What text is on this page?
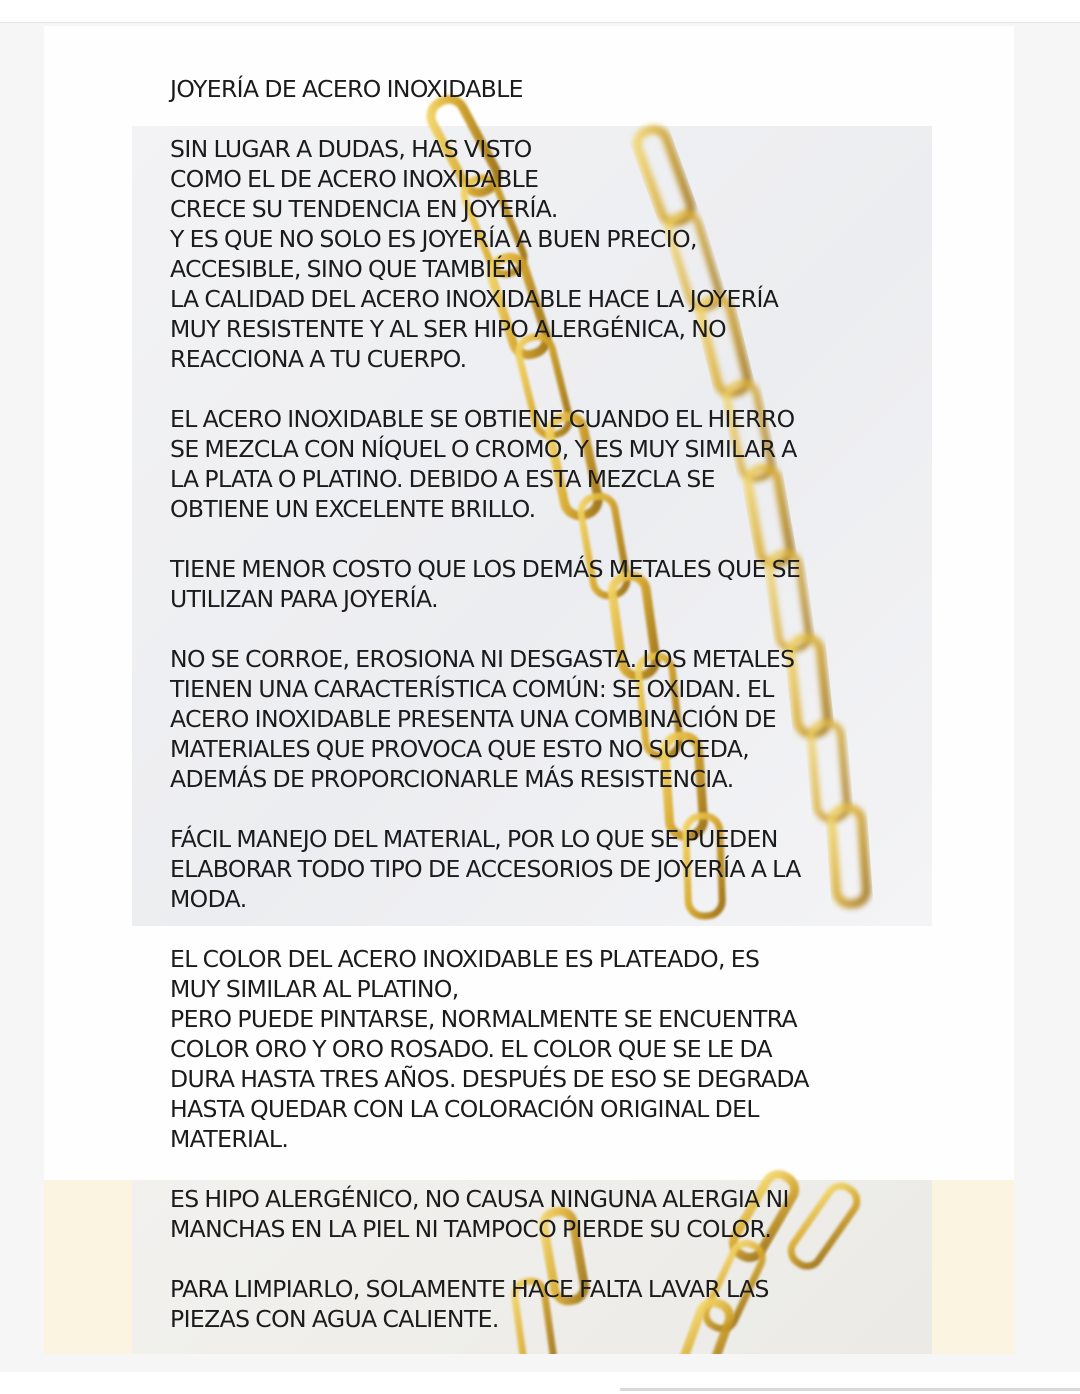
JOYERÍA DE ACERO INOXIDABLE

SIN LUGAR A DUDAS, HAS VISTO
COMO EL DE ACERO INOXIDABLE
CRECE SU TENDENCIA EN JOYERÍA.
Y ES QUE NO SOLO ES JOYERÍA A BUEN PRECIO,
ACCESIBLE, SINO QUE TAMBIÉN
LA CALIDAD DEL ACERO INOXIDABLE HACE LA JOYERÍA
MUY RESISTENTE Y AL SER HIPO ALERGÉNICA, NO
REACCIONA A TU CUERPO.

EL ACERO INOXIDABLE SE OBTIENE CUANDO EL HIERRO
SE MEZCLA CON NÍQUEL O CROMO, Y ES MUY SIMILAR A
LA PLATA O PLATINO. DEBIDO A ESTA MEZCLA SE
OBTIENE UN EXCELENTE BRILLO.

TIENE MENOR COSTO QUE LOS DEMÁS METALES QUE SE
UTILIZAN PARA JOYERÍA.

NO SE CORROE, EROSIONA NI DESGASTA. LOS METALES
TIENEN UNA CARACTERÍSTICA COMÚN: SE OXIDAN. EL
ACERO INOXIDABLE PRESENTA UNA COMBINACIÓN DE
MATERIALES QUE PROVOCA QUE ESTO NO SUCEDA,
ADEMÁS DE PROPORCIONARLE MÁS RESISTENCIA.

FÁCIL MANEJO DEL MATERIAL, POR LO QUE SE PUEDEN
ELABORAR TODO TIPO DE ACCESORIOS DE JOYERÍA A LA
MODA.

EL COLOR DEL ACERO INOXIDABLE ES PLATEADO, ES
MUY SIMILAR AL PLATINO,
PERO PUEDE PINTARSE, NORMALMENTE SE ENCUENTRA
COLOR ORO Y ORO ROSADO. EL COLOR QUE SE LE DA
DURA HASTA TRES AÑOS. DESPUÉS DE ESO SE DEGRADA
HASTA QUEDAR CON LA COLORACIÓN ORIGINAL DEL
MATERIAL.

ES HIPO ALERGÉNICO, NO CAUSA NINGUNA ALERGIA NI
MANCHAS EN LA PIEL NI TAMPOCO PIERDE SU COLOR.

PARA LIMPIARLO, SOLAMENTE HACE FALTA LAVAR LAS
PIEZAS CON AGUA CALIENTE.
